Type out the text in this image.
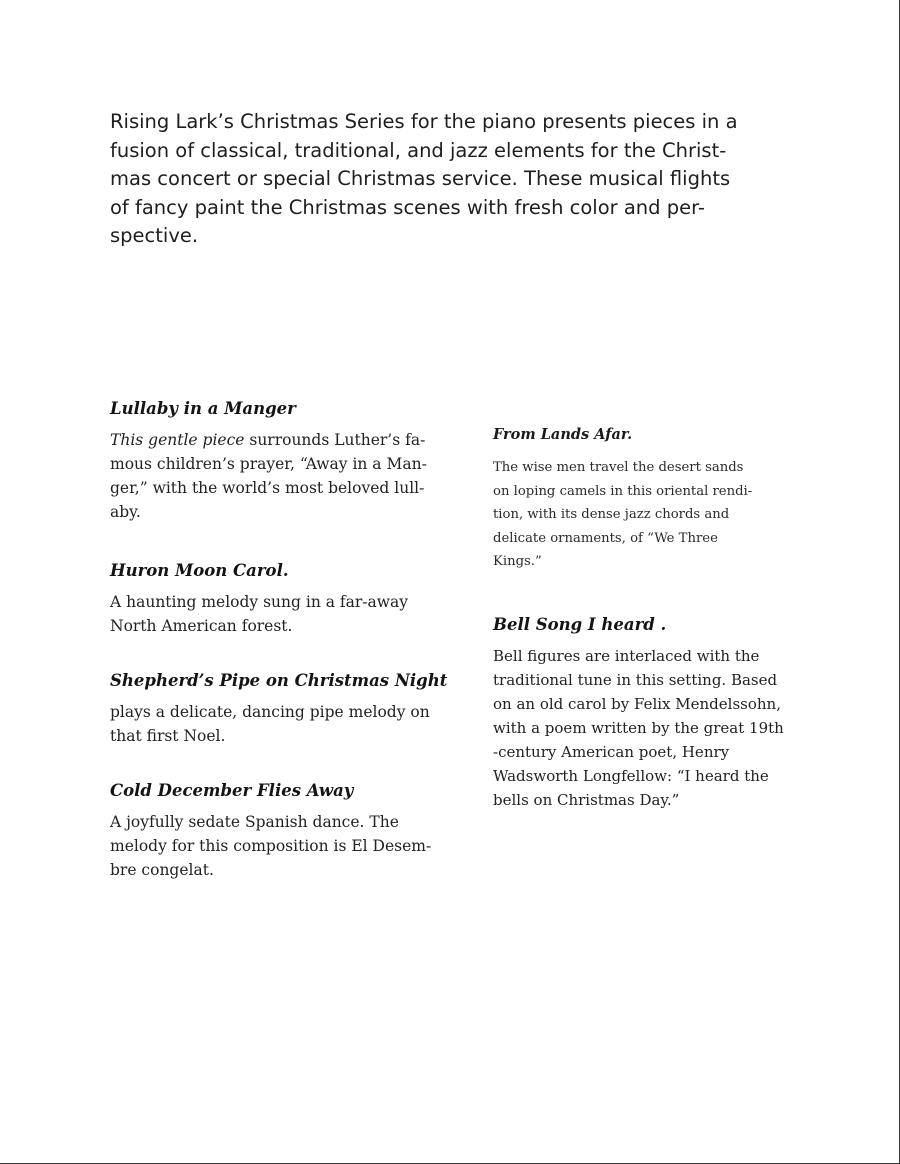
Rising Lark’s Christmas Series for the piano presents pieces in a
fusion of classical, traditional, and jazz elements for the Christ-
mas concert or special Christmas service. These musical flights
of fancy paint the Christmas scenes with fresh color and per-
spective.

Lullaby in a Manger

This gentle piece surrounds Luther’s fa-
mous children’s prayer, “Away in a Man-
ger,” with the world’s most beloved lull-
aby.

Huron Moon Carol.

A haunting melody sung in a far-away
North American forest.

Shepherd’s Pipe on Christmas Night

plays a delicate, dancing pipe melody on
that first Noel.

Cold December Flies Away

A joyfully sedate Spanish dance. The
melody for this composition is El Desem-
bre congelat.

From Lands Afar.

The wise men travel the desert sands
on loping camels in this oriental rendi-
tion, with its dense jazz chords and
delicate ornaments, of “We Three
Kings.”

Bell Song I heard .

Bell figures are interlaced with the
traditional tune in this setting. Based
on an old carol by Felix Mendelssohn,
with a poem written by the great 19th
-century American poet, Henry
Wadsworth Longfellow: “I heard the
bells on Christmas Day.”
